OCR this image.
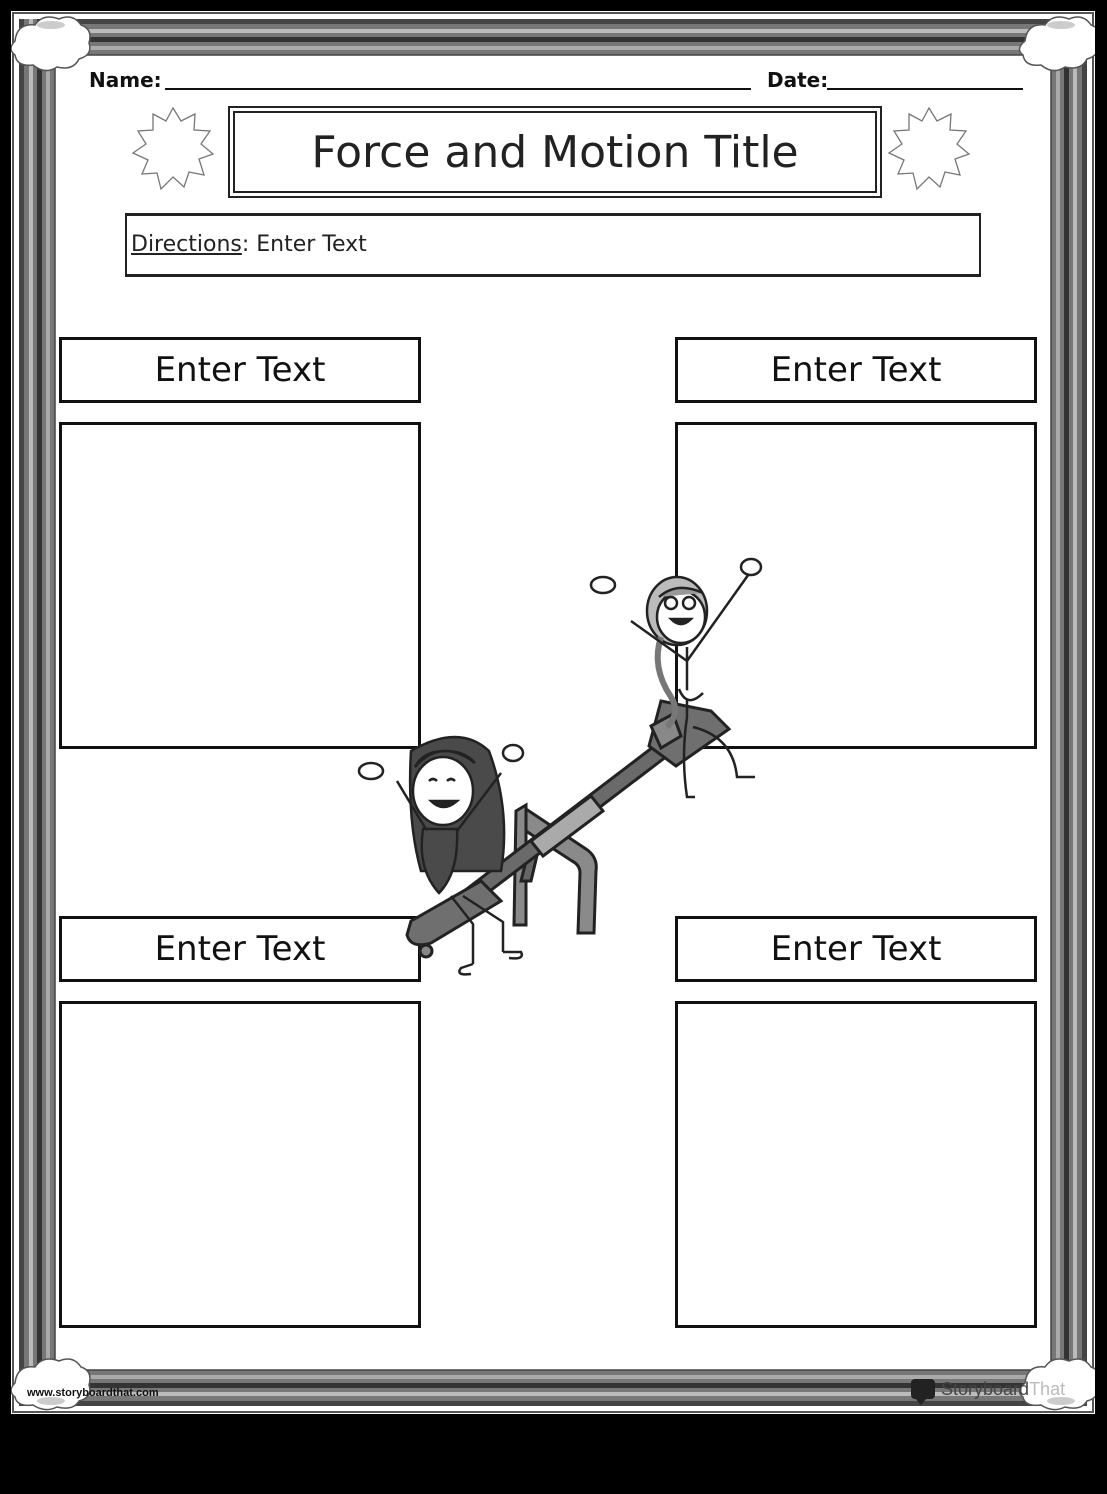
Name:	Date:
Force and Motion Title
Directions: Enter Text
Enter Text	Enter Text
Enter Text	Enter Text
www.storyboardthat.com	Storyboard That
